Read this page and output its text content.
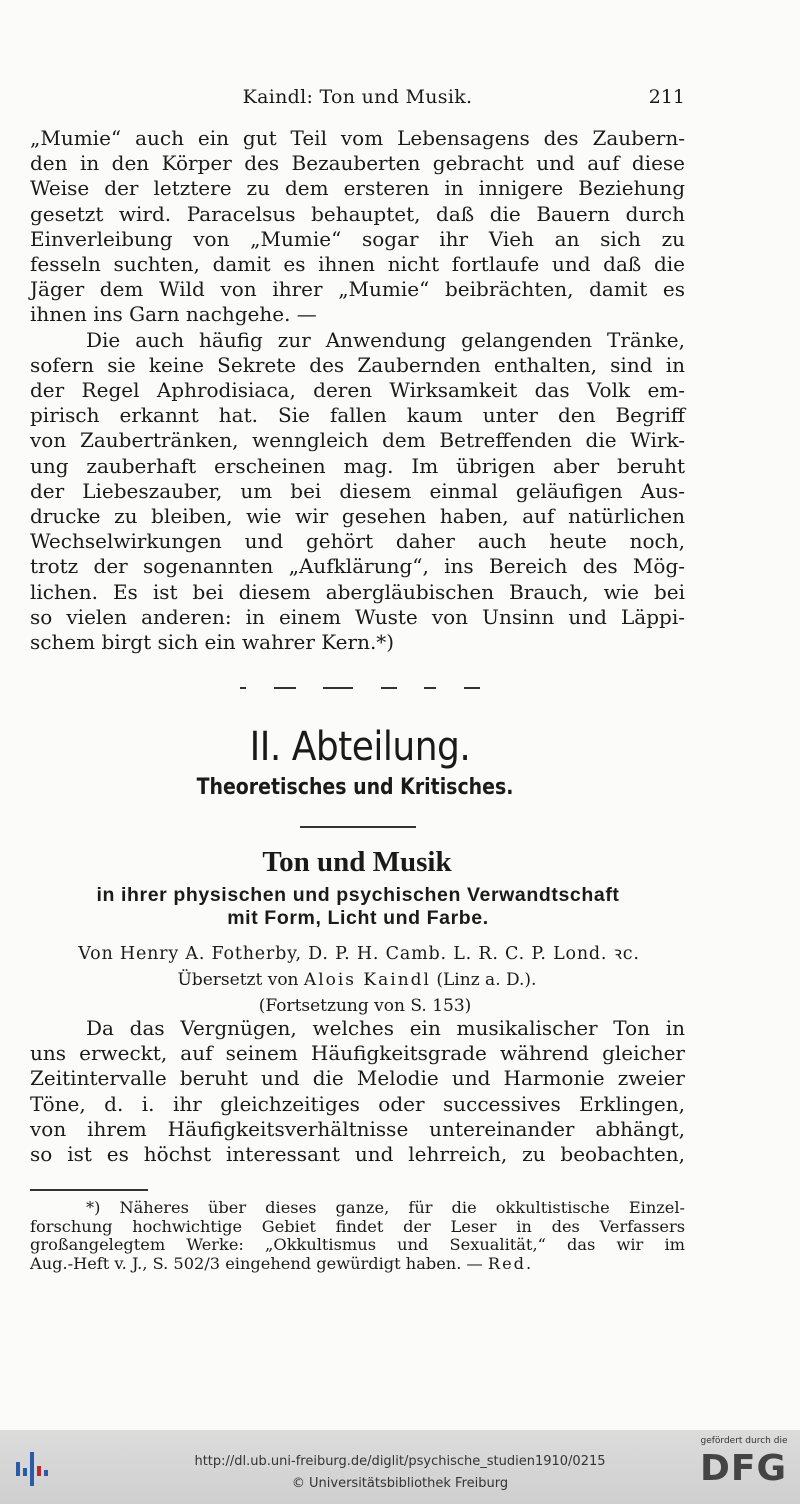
Kaindl: Ton und Musik.	211
„Mumie“ auch ein gut Teil vom Lebensagens des Zaubern-
den in den Körper des Bezauberten gebracht und auf diese
Weise der letztere zu dem ersteren in innigere Beziehung
gesetzt wird. Paracelsus behauptet, daß die Bauern durch
Einverleibung von „Mumie“ sogar ihr Vieh an sich zu
fesseln suchten, damit es ihnen nicht fortlaufe und daß die
Jäger dem Wild von ihrer „Mumie“ beibrächten, damit es
ihnen ins Garn nachgehe. —
Die auch häufig zur Anwendung gelangenden Tränke,
sofern sie keine Sekrete des Zaubernden enthalten, sind in
der Regel Aphrodisiaca, deren Wirksamkeit das Volk em-
pirisch erkannt hat. Sie fallen kaum unter den Begriff
von Zaubertränken, wenngleich dem Betreffenden die Wirk-
ung zauberhaft erscheinen mag. Im übrigen aber beruht
der Liebeszauber, um bei diesem einmal geläufigen Aus-
drucke zu bleiben, wie wir gesehen haben, auf natürlichen
Wechselwirkungen und gehört daher auch heute noch,
trotz der sogenannten „Aufklärung“, ins Bereich des Mög-
lichen. Es ist bei diesem abergläubischen Brauch, wie bei
so vielen anderen: in einem Wuste von Unsinn und Läppi-
schem birgt sich ein wahrer Kern.*)
II. Abteilung.
Theoretisches und Kritisches.
Ton und Musik
in ihrer physischen und psychischen Verwandtschaft
mit Form, Licht und Farbe.
Von Henry A. Fotherby, D. P. H. Camb. L. R. C. P. Lond. ꝛc.
Übersetzt von Alois Kaindl (Linz a. D.).
(Fortsetzung von S. 153)
Da das Vergnügen, welches ein musikalischer Ton in
uns erweckt, auf seinem Häufigkeitsgrade während gleicher
Zeitintervalle beruht und die Melodie und Harmonie zweier
Töne, d. i. ihr gleichzeitiges oder successives Erklingen,
von ihrem Häufigkeitsverhältnisse untereinander abhängt,
so ist es höchst interessant und lehrreich, zu beobachten,
*) Näheres über dieses ganze, für die okkultistische Einzel-
forschung hochwichtige Gebiet findet der Leser in des Verfassers
großangelegtem Werke: „Okkultismus und Sexualität,“ das wir im
Aug.-Heft v. J., S. 502/3 eingehend gewürdigt haben. — Red.
http://dl.ub.uni-freiburg.de/diglit/psychische_studien1910/0215
© Universitätsbibliothek Freiburg
gefördert durch die
DFG
